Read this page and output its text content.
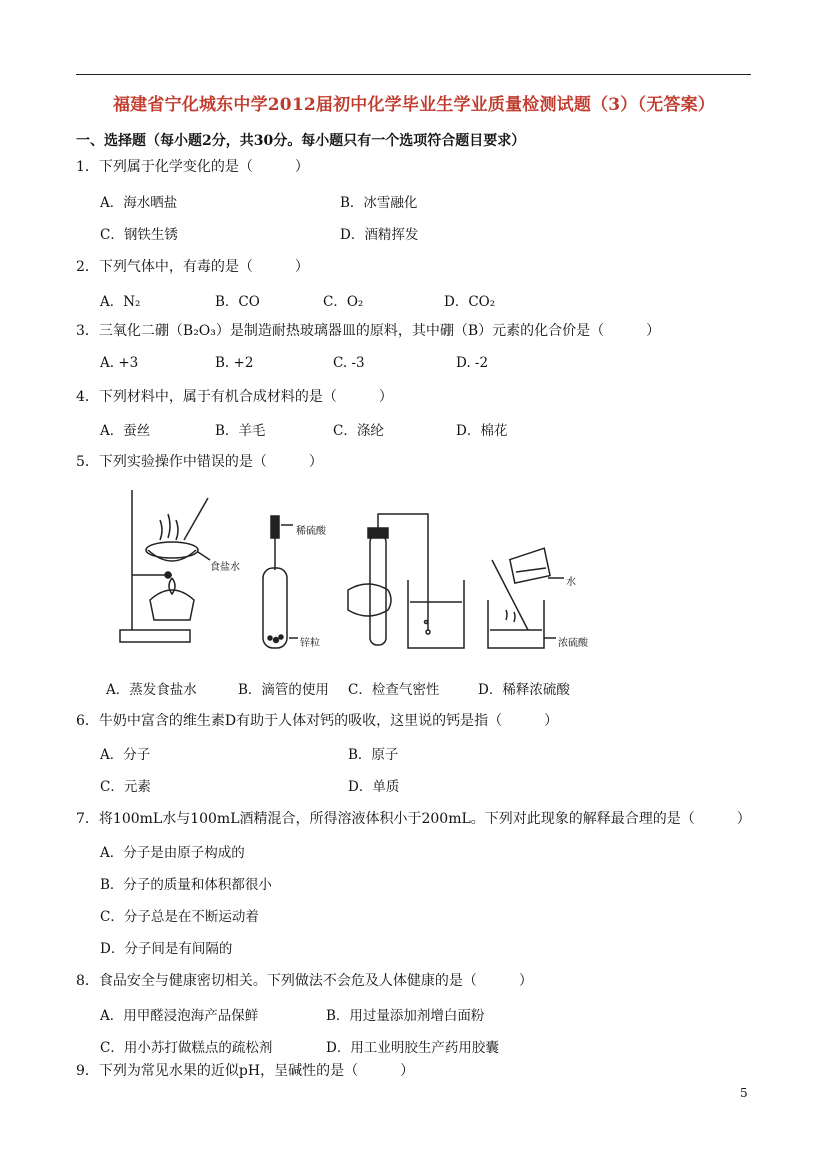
福建省宁化城东中学2012届初中化学毕业生学业质量检测试题（3）（无答案）
一、选择题（每小题2分，共30分。每小题只有一个选项符合题目要求）
1．下列属于化学变化的是（　　　）
A．海水晒盐	B．冰雪融化
C．钢铁生锈	D．酒精挥发
2．下列气体中，有毒的是（　　　）
A．N₂	B．CO	C．O₂	D．CO₂
3．三氧化二硼（B₂O₃）是制造耐热玻璃器皿的原料，其中硼（B）元素的化合价是（　　　）
A. +3	B. +2	C. -3	D. -2
4．下列材料中，属于有机合成材料的是（　　　）
A．蚕丝	B．羊毛	C．涤纶	D．棉花
5．下列实验操作中错误的是（　　　）
食盐水
稀硫酸
锌粒
水
浓硫酸
A．蒸发食盐水	B．滴管的使用 C．检查气密性	D．稀释浓硫酸
6．牛奶中富含的维生素D有助于人体对钙的吸收，这里说的钙是指（　　　）
A．分子	B．原子
C．元素	D．单质
7．将100mL水与100mL酒精混合，所得溶液体积小于200mL。下列对此现象的解释最合理的是（　　　）
A．分子是由原子构成的
B．分子的质量和体积都很小
C．分子总是在不断运动着
D．分子间是有间隔的
8．食品安全与健康密切相关。下列做法不会危及人体健康的是（　　　）
A．用甲醛浸泡海产品保鲜	B．用过量添加剂增白面粉
C．用小苏打做糕点的疏松剂	D．用工业明胶生产药用胶囊
9．下列为常见水果的近似pH，呈碱性的是（　　　）
5
